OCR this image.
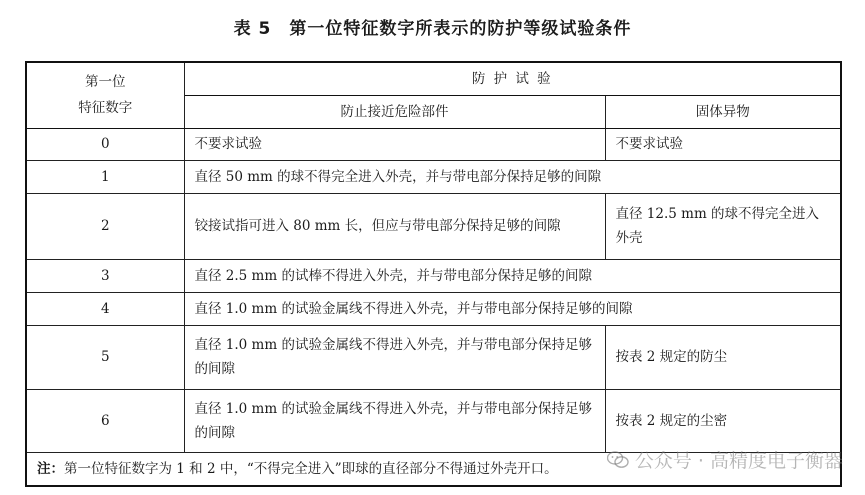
表 5　第一位特征数字所表示的防护等级试验条件
第一位
特征数字	防 护 试 验	
	防止接近危险部件	固体异物
0	不要求试验	不要求试验
1	直径 50 mm 的球不得完全进入外壳，并与带电部分保持足够的间隙	
2	铰接试指可进入 80 mm 长，但应与带电部分保持足够的间隙	直径 12.5 mm 的球不得完全进入外壳
3	直径 2.5 mm 的试棒不得进入外壳，并与带电部分保持足够的间隙	
4	直径 1.0 mm 的试验金属线不得进入外壳，并与带电部分保持足够的间隙	
5	直径 1.0 mm 的试验金属线不得进入外壳，并与带电部分保持足够的间隙	按表 2 规定的防尘
6	直径 1.0 mm 的试验金属线不得进入外壳，并与带电部分保持足够的间隙	按表 2 规定的尘密
注：第一位特征数字为 1 和 2 中，“不得完全进入”即球的直径部分不得通过外壳开口。			公众号 · 高精度电子衡器
